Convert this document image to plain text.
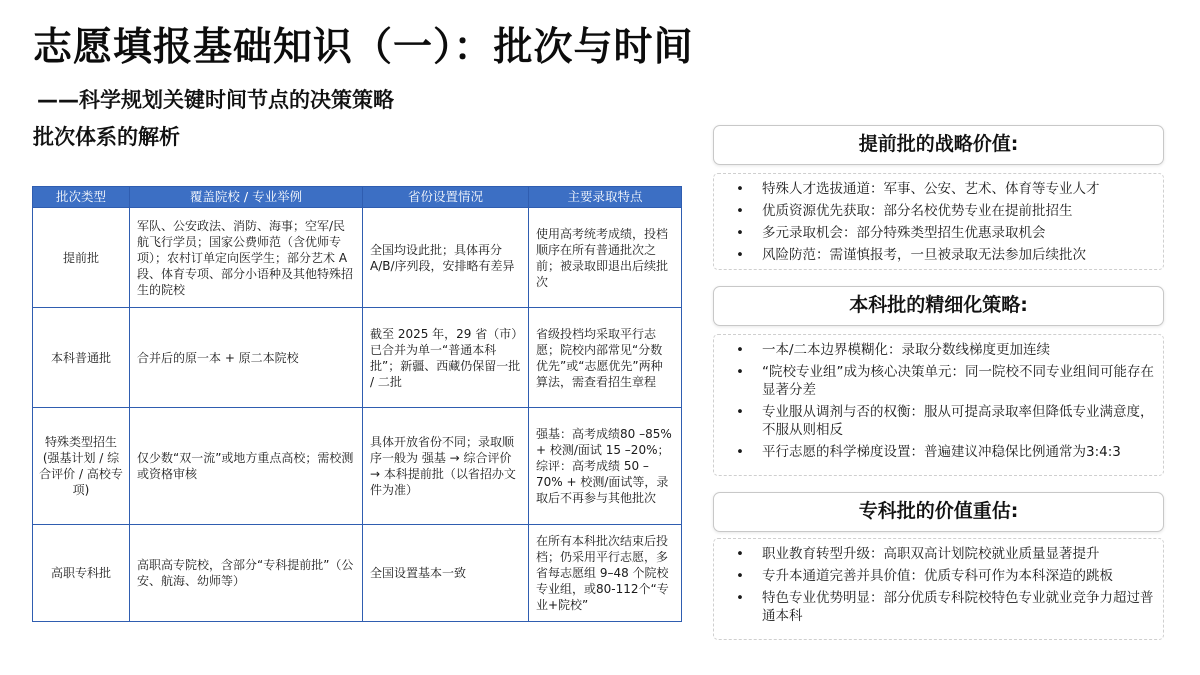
志愿填报基础知识（一）：批次与时间
——科学规划关键时间节点的决策策略
批次体系的解析
批次类型	覆盖院校 / 专业举例	省份设置情况	主要录取特点
提前批	军队、公安政法、消防、海事；空军/民航飞行学员；国家公费师范（含优师专项）；农村订单定向医学生；部分艺术 A 段、体育专项、部分小语种及其他特殊招生的院校	全国均设此批；具体再分 A/B/序列段，安排略有差异	使用高考统考成绩，投档顺序在所有普通批次之前；被录取即退出后续批次
本科普通批	合并后的原一本 + 原二本院校	截至 2025 年，29 省（市）已合并为单一“普通本科批”；新疆、西藏仍保留一批 / 二批	省级投档均采取平行志愿；院校内部常见“分数优先”或“志愿优先”两种算法，需查看招生章程
特殊类型招生
(强基计划 / 综合评价 / 高校专项)	仅少数“双一流”或地方重点高校；需校测或资格审核	具体开放省份不同；录取顺序一般为 强基 → 综合评价 → 本科提前批（以省招办文件为准）	强基：高考成绩80 –85% + 校测/面试 15 –20%；综评：高考成绩 50 –70% + 校测/面试等，录取后不再参与其他批次
高职专科批	高职高专院校，含部分“专科提前批”（公安、航海、幼师等）	全国设置基本一致	在所有本科批次结束后投档；仍采用平行志愿，多省每志愿组 9–48 个院校专业组，或80-112个“专业+院校”
提前批的战略价值:
• 特殊人才选拔通道：军事、公安、艺术、体育等专业人才
• 优质资源优先获取：部分名校优势专业在提前批招生
• 多元录取机会：部分特殊类型招生优惠录取机会
• 风险防范：需谨慎报考，一旦被录取无法参加后续批次
本科批的精细化策略:
• 一本/二本边界模糊化：录取分数线梯度更加连续
• “院校专业组”成为核心决策单元：同一院校不同专业组间可能存在显著分差
• 专业服从调剂与否的权衡：服从可提高录取率但降低专业满意度，不服从则相反
• 平行志愿的科学梯度设置：普遍建议冲稳保比例通常为3:4:3
专科批的价值重估:
• 职业教育转型升级：高职双高计划院校就业质量显著提升
• 专升本通道完善并具价值：优质专科可作为本科深造的跳板
• 特色专业优势明显：部分优质专科院校特色专业就业竞争力超过普通本科
